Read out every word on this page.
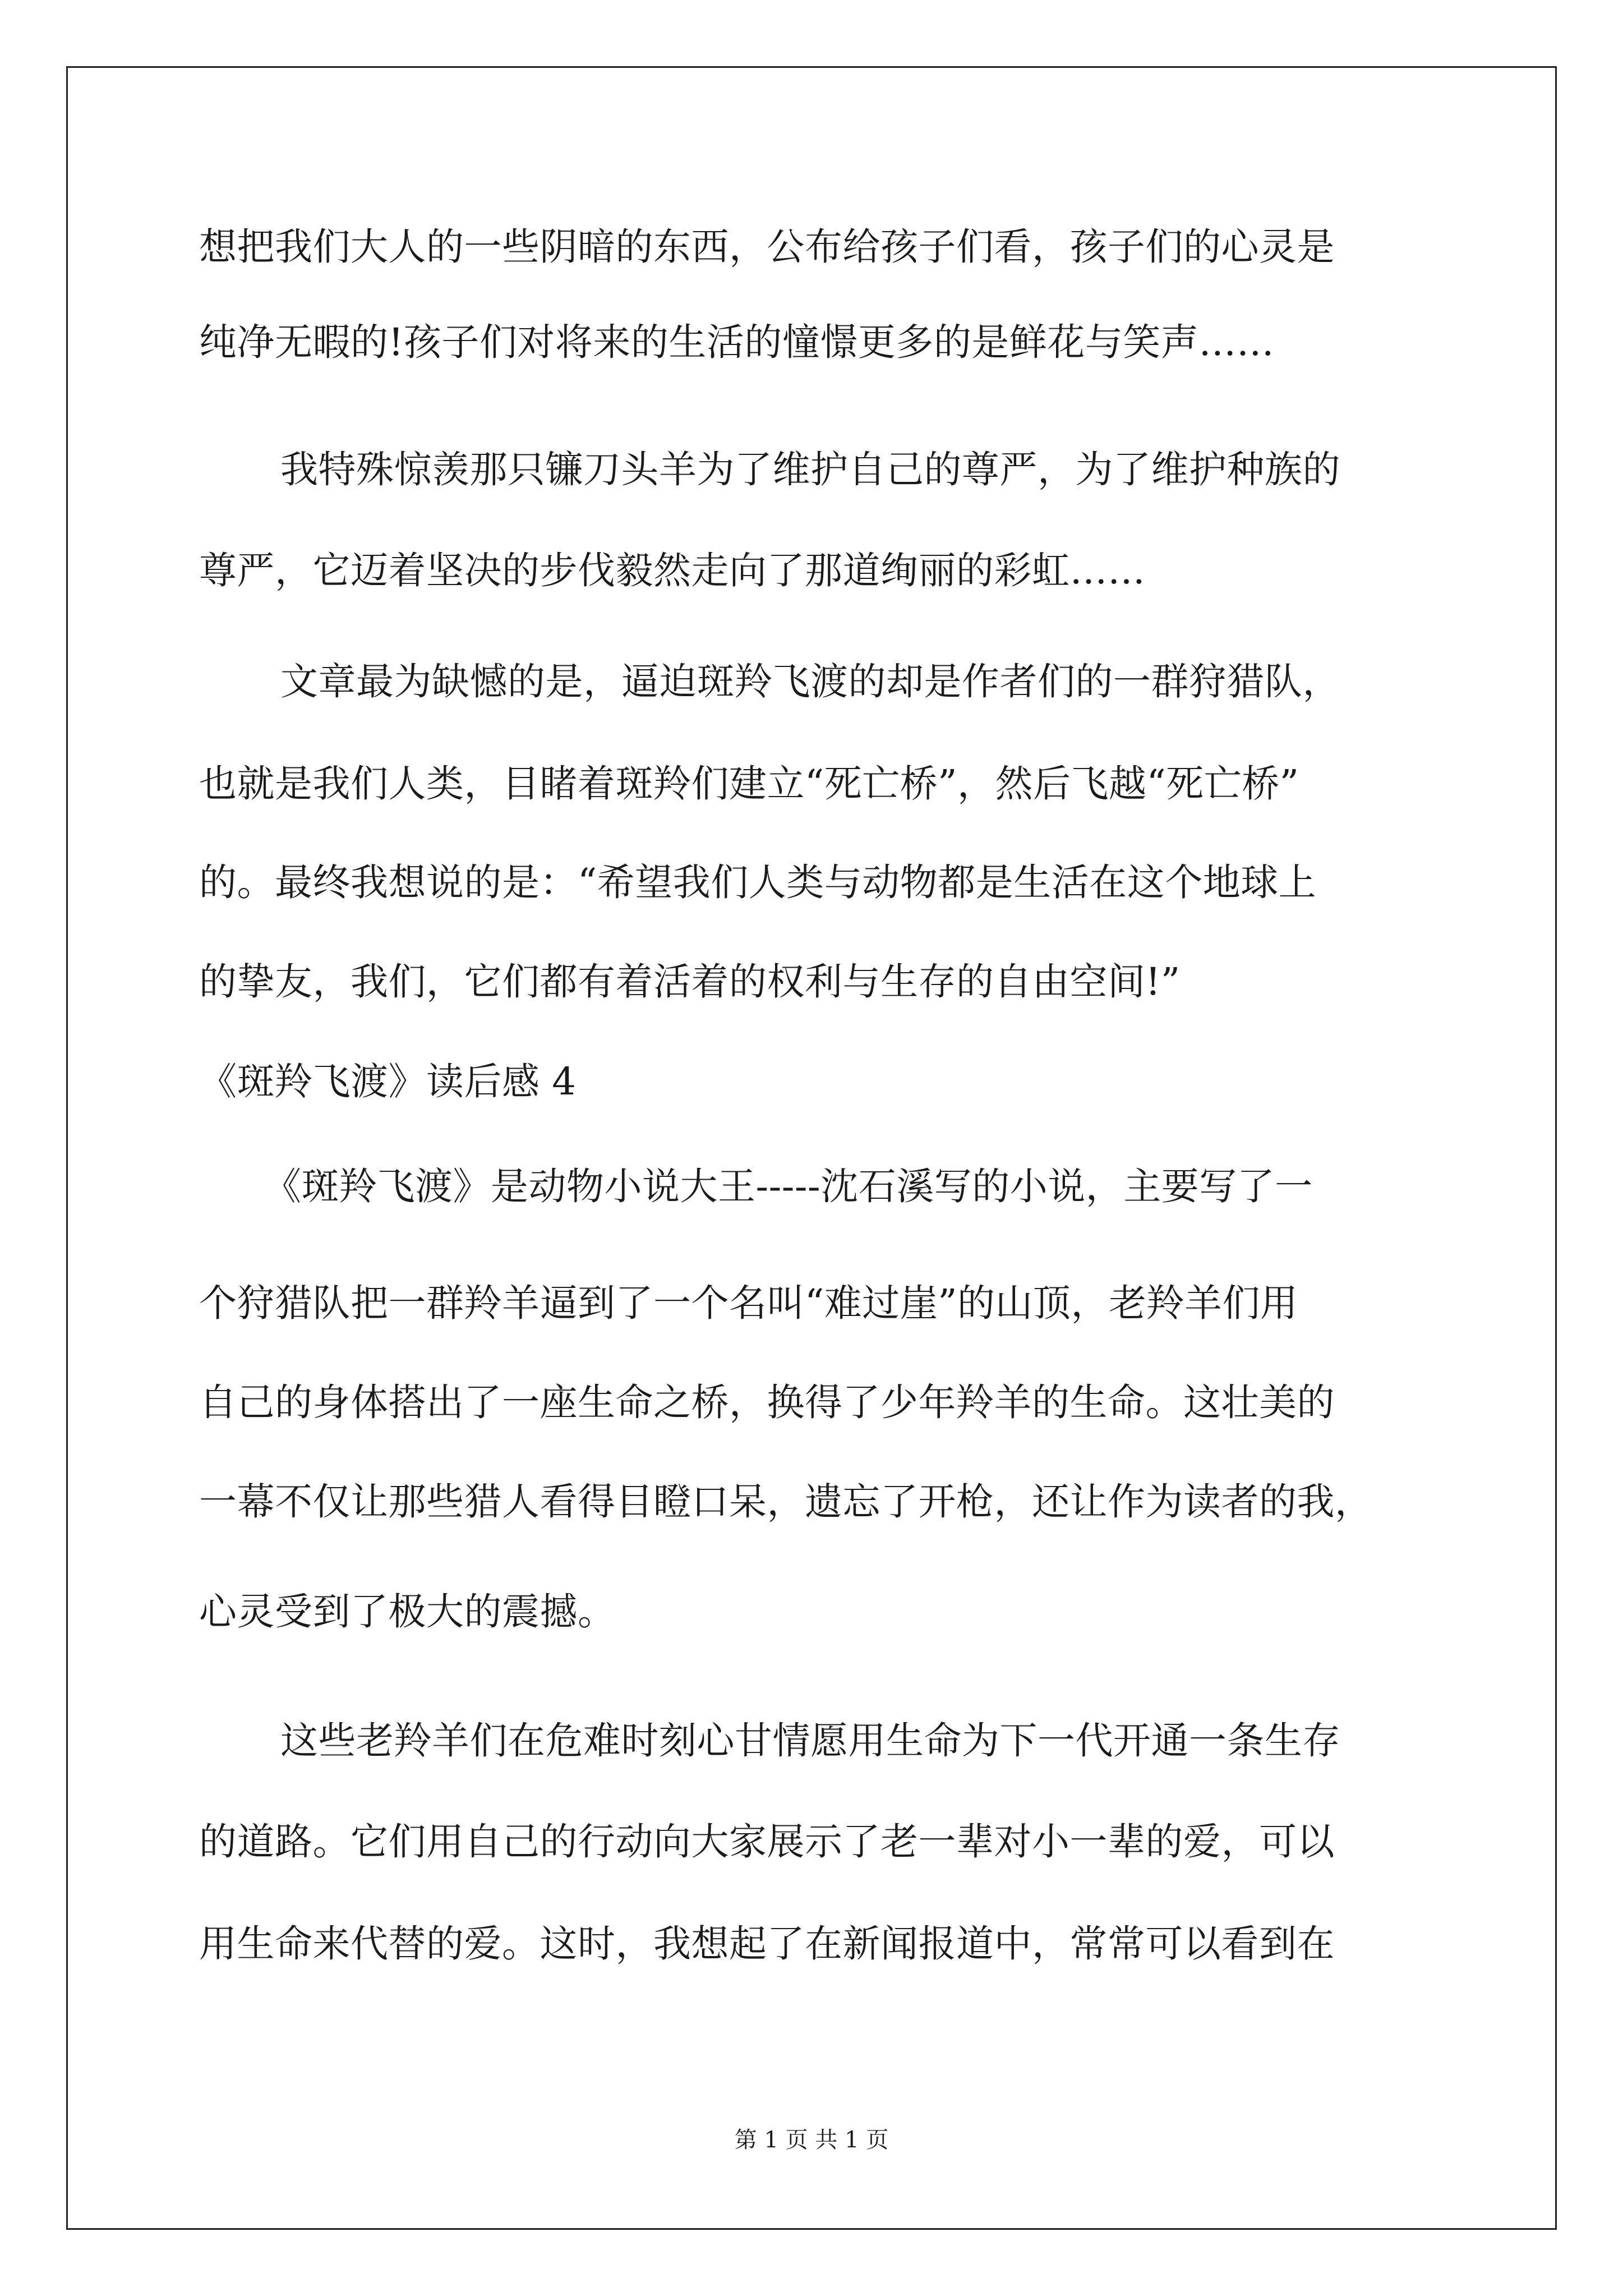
想把我们大人的一些阴暗的东西，公布给孩子们看，孩子们的心灵是
纯净无暇的!孩子们对将来的生活的憧憬更多的是鲜花与笑声……
我特殊惊羡那只镰刀头羊为了维护自己的尊严，为了维护种族的
尊严，它迈着坚决的步伐毅然走向了那道绚丽的彩虹……
文章最为缺憾的是，逼迫斑羚飞渡的却是作者们的一群狩猎队，
也就是我们人类，目睹着斑羚们建立“死亡桥”，然后飞越“死亡桥”
的。最终我想说的是：“希望我们人类与动物都是生活在这个地球上
的挚友，我们，它们都有着活着的权利与生存的自由空间!”
《斑羚飞渡》读后感 4
《斑羚飞渡》是动物小说大王-----沈石溪写的小说，主要写了一
个狩猎队把一群羚羊逼到了一个名叫“难过崖”的山顶，老羚羊们用
自己的身体搭出了一座生命之桥，换得了少年羚羊的生命。这壮美的
一幕不仅让那些猎人看得目瞪口呆，遗忘了开枪，还让作为读者的我，
心灵受到了极大的震撼。
这些老羚羊们在危难时刻心甘情愿用生命为下一代开通一条生存
的道路。它们用自己的行动向大家展示了老一辈对小一辈的爱，可以
用生命来代替的爱。这时，我想起了在新闻报道中，常常可以看到在
第 1 页 共 1 页
